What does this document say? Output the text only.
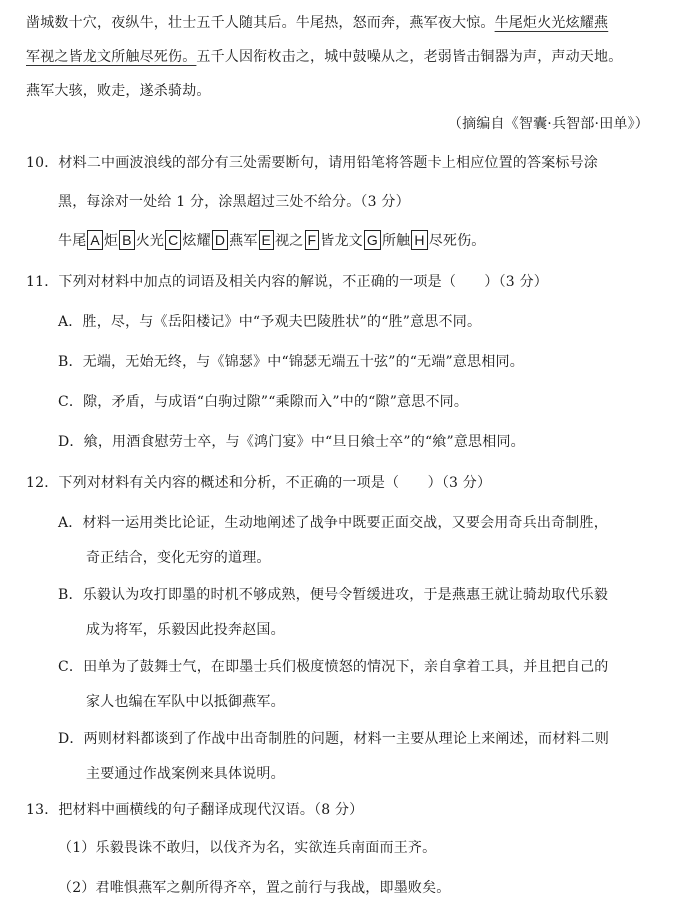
凿城数十穴，夜纵牛，壮士五千人随其后。牛尾热，怒而奔，燕军夜大惊。牛尾炬火光炫耀燕
军视之皆龙文所触尽死伤。五千人因衔枚击之，城中鼓噪从之，老弱皆击铜器为声，声动天地。
燕军大骇，败走，遂杀骑劫。
（摘编自《智囊·兵智部·田单》）
10．材料二中画波浪线的部分有三处需要断句，请用铅笔将答题卡上相应位置的答案标号涂
黑，每涂对一处给 1 分，涂黑超过三处不给分。（3 分）
牛尾 A 炬 B 火光 C 炫耀 D 燕军 E 视之 F 皆龙文 G 所触 H 尽死伤。
11．下列对材料中加点的词语及相关内容的解说，不正确的一项是（　　）（3 分）
A．胜，尽，与《岳阳楼记》中“予观夫巴陵胜状”的“胜”意思不同。
B．无端，无始无终，与《锦瑟》中“锦瑟无端五十弦”的“无端”意思相同。
C．隙，矛盾，与成语“白驹过隙”“乘隙而入”中的“隙”意思不同。
D．飨，用酒食慰劳士卒，与《鸿门宴》中“旦日飨士卒”的“飨”意思相同。
12．下列对材料有关内容的概述和分析，不正确的一项是（　　）（3 分）
A．材料一运用类比论证，生动地阐述了战争中既要正面交战，又要会用奇兵出奇制胜，
奇正结合，变化无穷的道理。
B．乐毅认为攻打即墨的时机不够成熟，便号令暂缓进攻，于是燕惠王就让骑劫取代乐毅
成为将军，乐毅因此投奔赵国。
C．田单为了鼓舞士气，在即墨士兵们极度愤怒的情况下，亲自拿着工具，并且把自己的
家人也编在军队中以抵御燕军。
D．两则材料都谈到了作战中出奇制胜的问题，材料一主要从理论上来阐述，而材料二则
主要通过作战案例来具体说明。
13．把材料中画横线的句子翻译成现代汉语。（8 分）
（1）乐毅畏诛不敢归，以伐齐为名，实欲连兵南面而王齐。
（2）君唯惧燕军之劓所得齐卒，置之前行与我战，即墨败矣。
